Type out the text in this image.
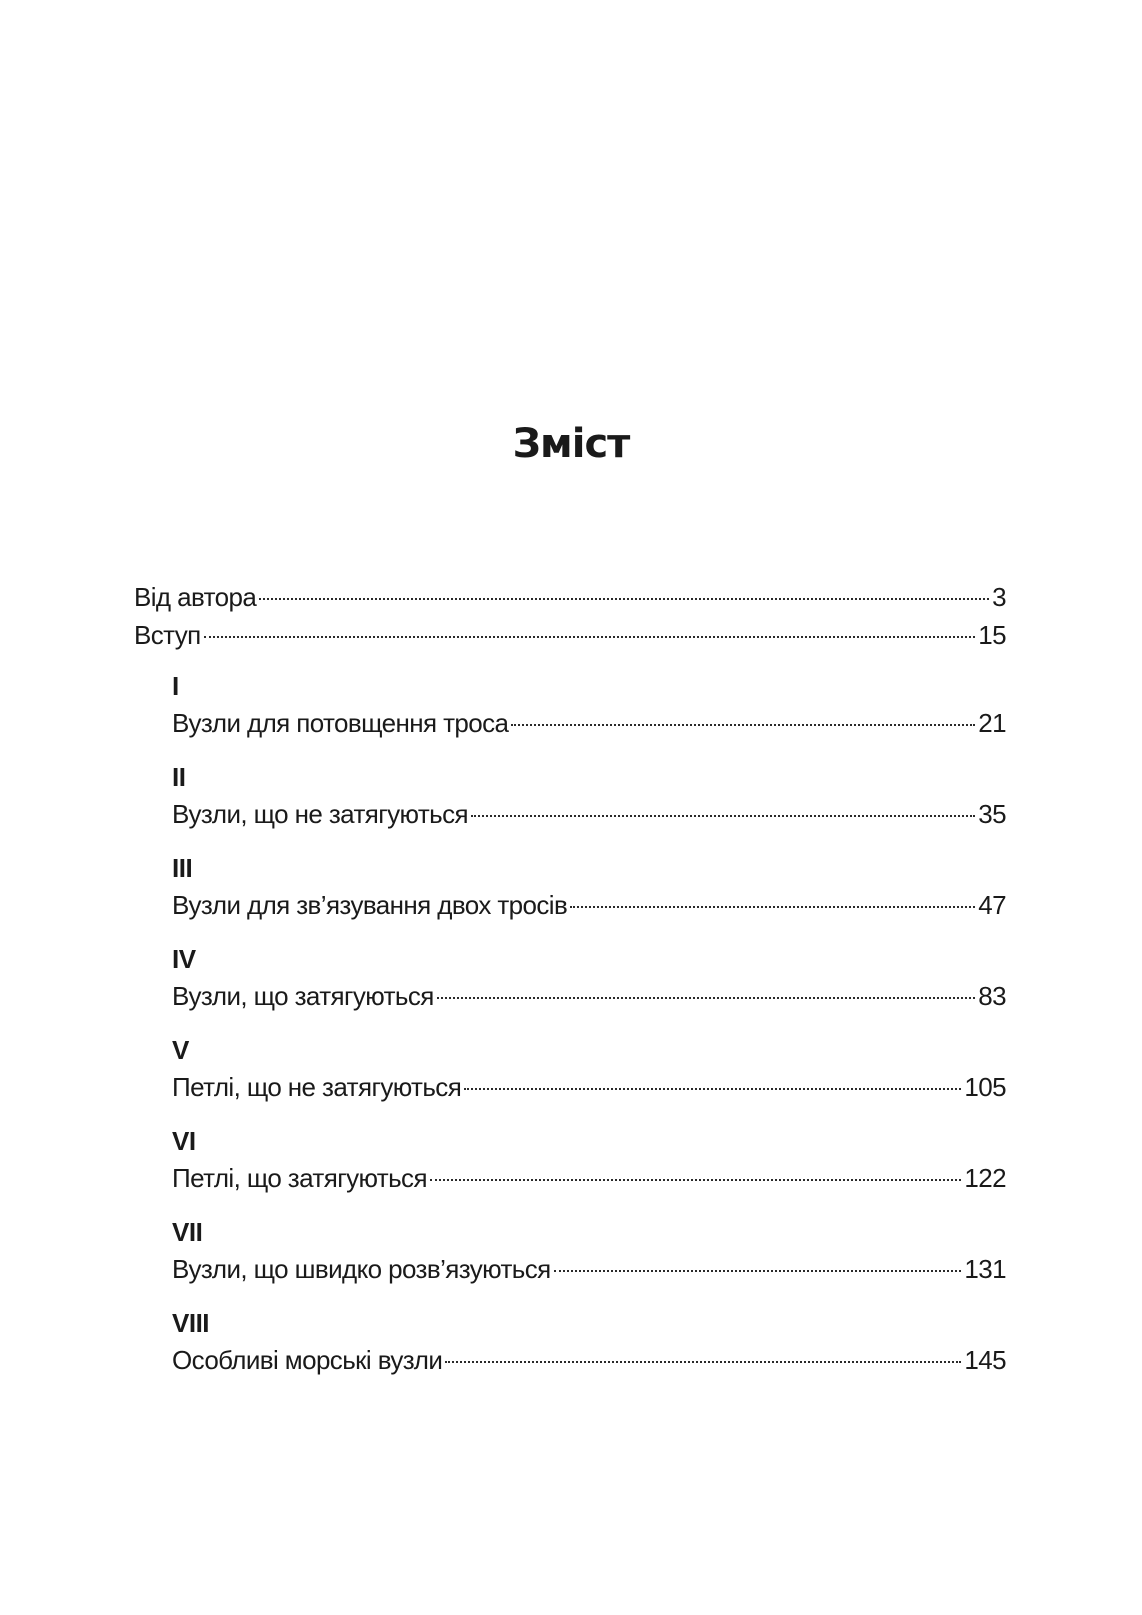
Зміст
Від автора	3
Вступ	15
I
Вузли для потовщення троса	21
II
Вузли, що не затягуються	35
III
Вузли для зв’язування двох тросів	47
IV
Вузли, що затягуються	83
V
Петлі, що не затягуються	105
VI
Петлі, що затягуються	122
VII
Вузли, що швидко розв’язуються	131
VIII
Особливі морські вузли	145
